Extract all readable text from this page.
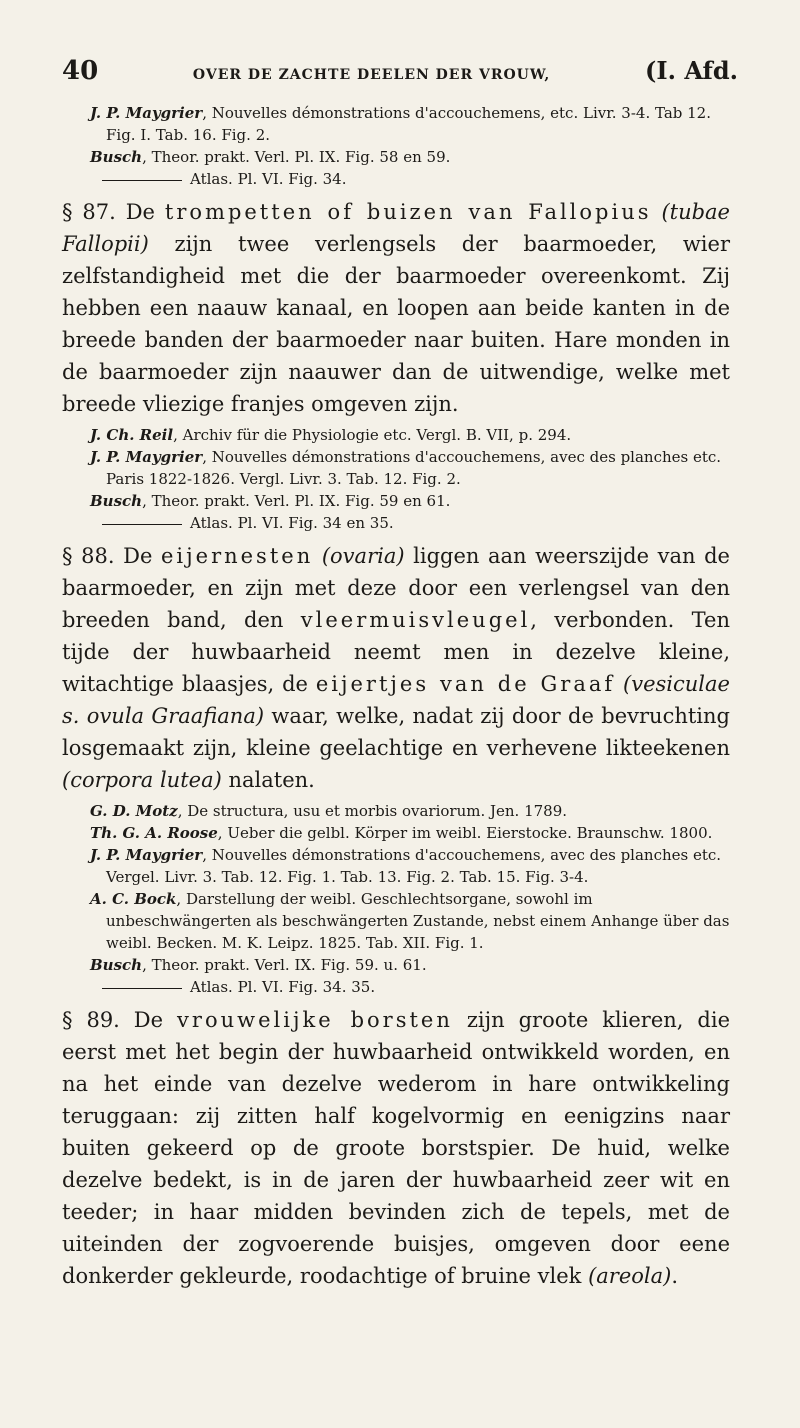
40	OVER DE ZACHTE DEELEN DER VROUW,	(I. Afd.

J. P. Maygrier, Nouvelles démonstrations d'accouchemens, etc. Livr. 3-4. Tab 12. Fig. I. Tab. 16. Fig. 2.

Busch, Theor. prakt. Verl. Pl. IX. Fig. 58 en 59.

Atlas. Pl. VI. Fig. 34.

§ 87. De trompetten of buizen van Fallopius (tubae Fallopii) zijn twee verlengsels der baarmoeder, wier zelfstandigheid met die der baarmoeder overeenkomt. Zij hebben een naauw kanaal, en loopen aan beide kanten in de breede banden der baarmoeder naar buiten. Hare monden in de baarmoeder zijn naauwer dan de uitwendige, welke met breede vliezige franjes omgeven zijn.

J. Ch. Reil, Archiv für die Physiologie etc. Vergl. B. VII, p. 294.

J. P. Maygrier, Nouvelles démonstrations d'accouchemens, avec des planches etc. Paris 1822-1826. Vergl. Livr. 3. Tab. 12. Fig. 2.

Busch, Theor. prakt. Verl. Pl. IX. Fig. 59 en 61.

Atlas. Pl. VI. Fig. 34 en 35.

§ 88. De eijernesten (ovaria) liggen aan weerszijde van de baarmoeder, en zijn met deze door een verlengsel van den breeden band, den vleermuisvleugel, verbonden. Ten tijde der huwbaarheid neemt men in dezelve kleine, witachtige blaasjes, de eijertjes van de Graaf (vesiculae s. ovula Graafiana) waar, welke, nadat zij door de bevruchting losgemaakt zijn, kleine geelachtige en verhevene likteekenen (corpora lutea) nalaten.

G. D. Motz, De structura, usu et morbis ovariorum. Jen. 1789.

Th. G. A. Roose, Ueber die gelbl. Körper im weibl. Eierstocke. Braunschw. 1800.

J. P. Maygrier, Nouvelles démonstrations d'accouchemens, avec des planches etc. Vergel. Livr. 3. Tab. 12. Fig. 1. Tab. 13. Fig. 2. Tab. 15. Fig. 3-4.

A. C. Bock, Darstellung der weibl. Geschlechtsorgane, sowohl im unbeschwängerten als beschwängerten Zustande, nebst einem Anhange über das weibl. Becken. M. K. Leipz. 1825. Tab. XII. Fig. 1.

Busch, Theor. prakt. Verl. IX. Fig. 59. u. 61.

Atlas. Pl. VI. Fig. 34. 35.

§ 89. De vrouwelijke borsten zijn groote klieren, die eerst met het begin der huwbaarheid ontwikkeld worden, en na het einde van dezelve wederom in hare ontwikkeling teruggaan: zij zitten half kogelvormig en eenigzins naar buiten gekeerd op de groote borstspier. De huid, welke dezelve bedekt, is in de jaren der huwbaarheid zeer wit en teeder; in haar midden bevinden zich de tepels, met de uiteinden der zogvoerende buisjes, omgeven door eene donkerder gekleurde, roodachtige of bruine vlek (areola).
